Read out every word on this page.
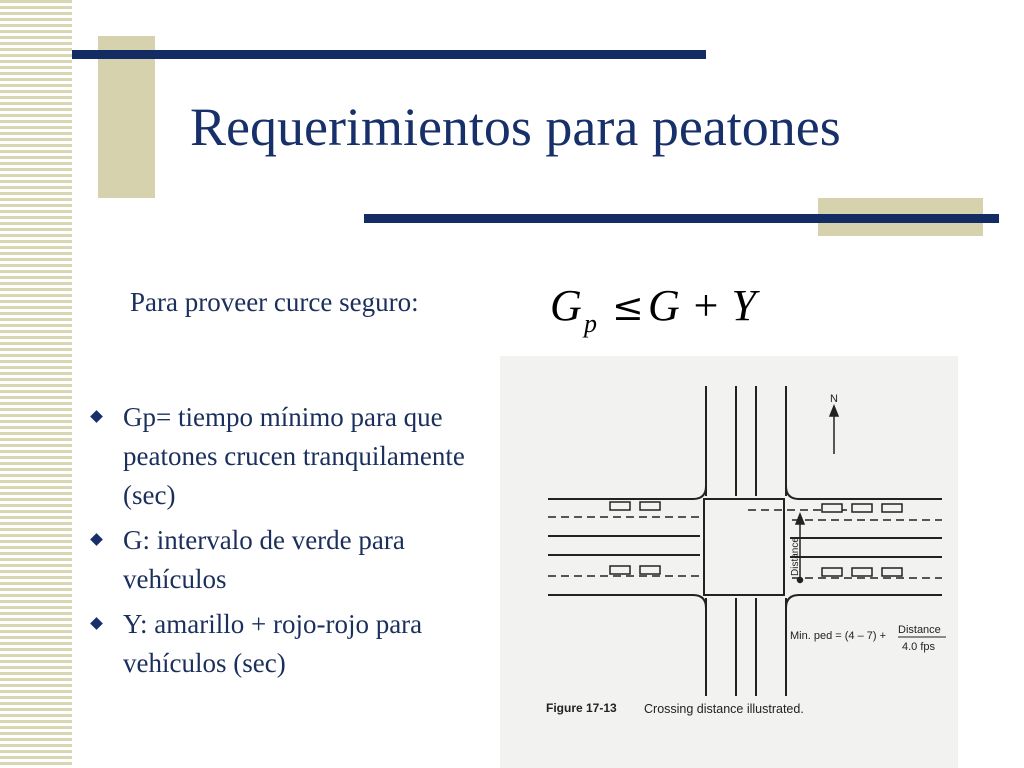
Requerimientos para peatones
Para proveer curce seguro:	G p ≤ G + Y
Gp= tiempo mínimo para que peatones crucen tranquilamente (sec)
G: intervalo de verde para vehículos
Y: amarillo + rojo-rojo para vehículos (sec)
Distance
N
Min. ped = (4 – 7) + Distance
4.0 fps
Figure 17-13 Crossing distance illustrated.
